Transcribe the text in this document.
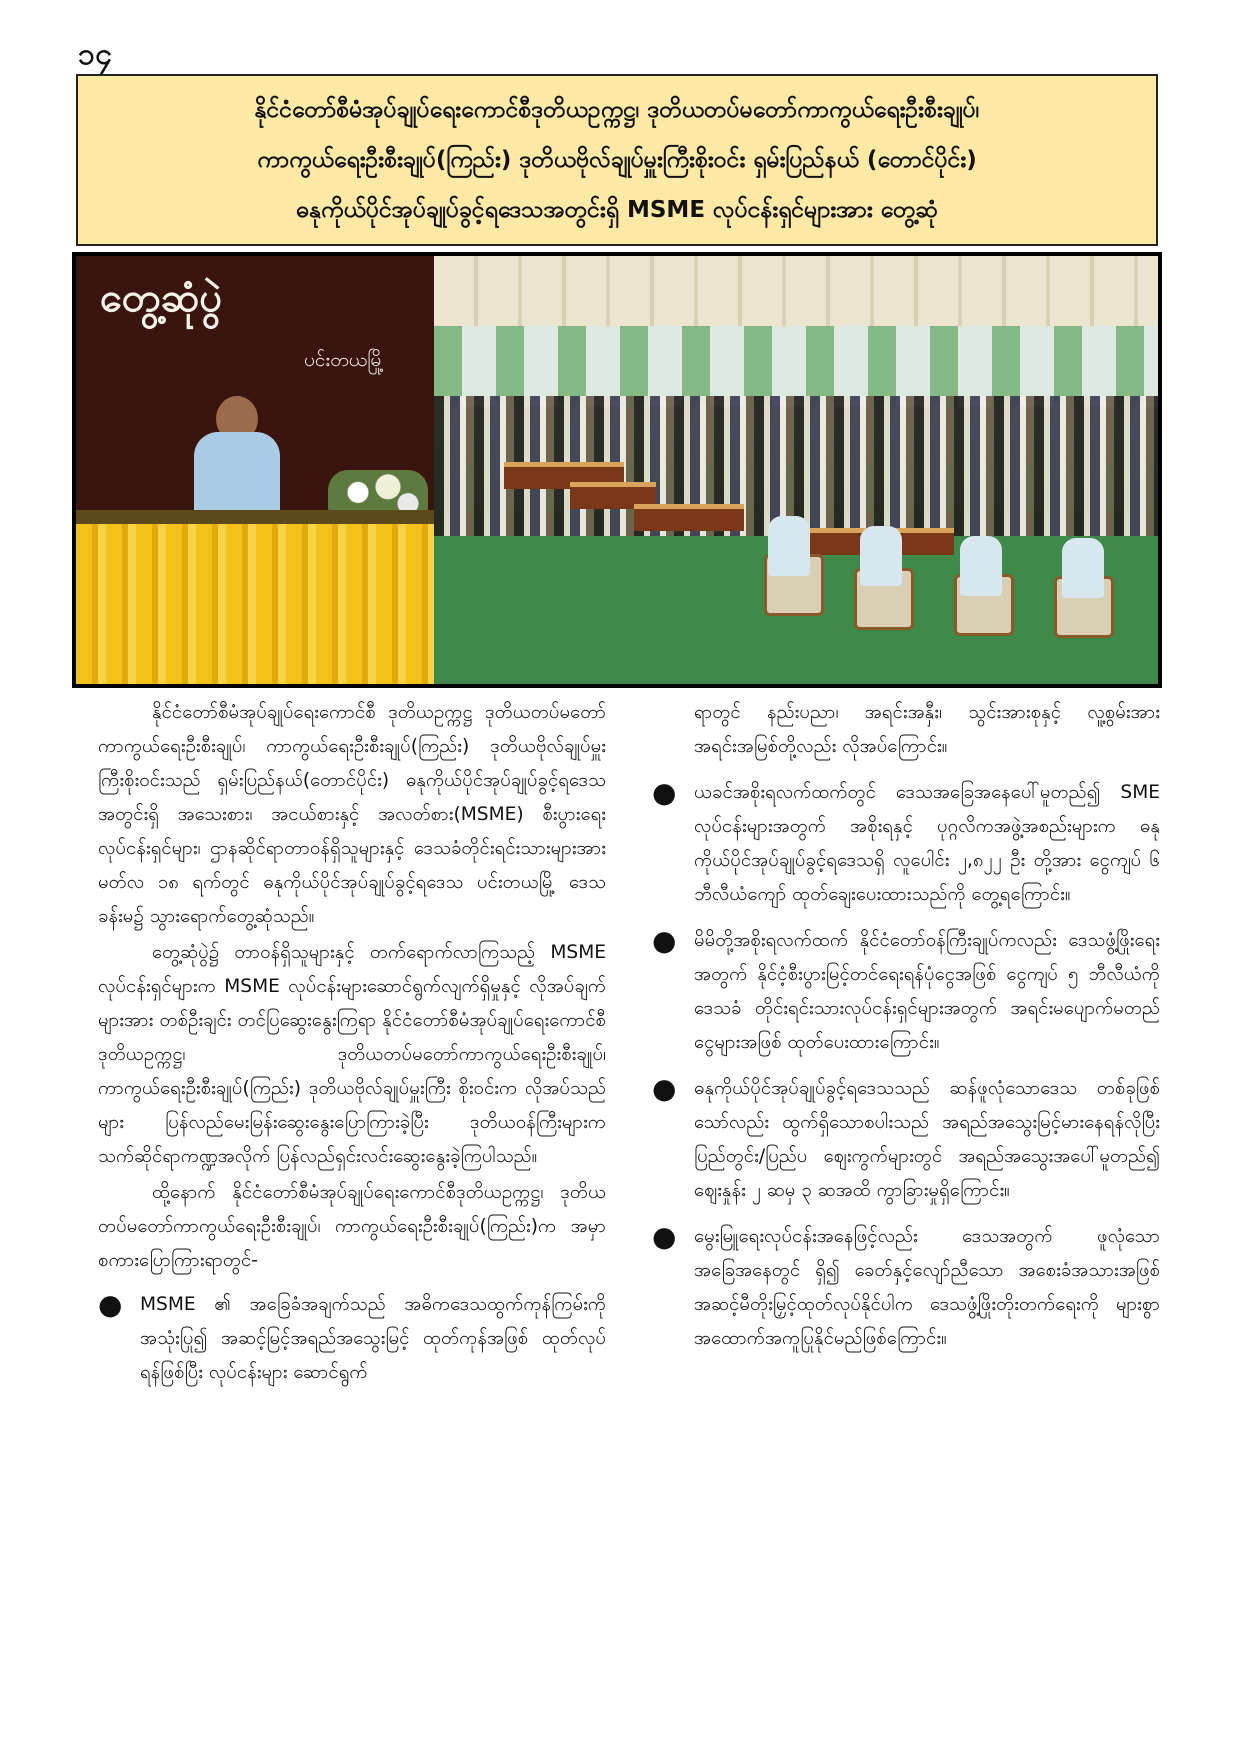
၁၄
နိုင်ငံတော်စီမံအုပ်ချုပ်ရေးကောင်စီဒုတိယဥက္ကဋ္ဌ၊ ဒုတိယတပ်မတော်ကာကွယ်ရေးဦးစီးချုပ်၊
ကာကွယ်ရေးဦးစီးချုပ်(ကြည်း) ဒုတိယဗိုလ်ချုပ်မှူးကြီးစိုးဝင်း ရှမ်းပြည်နယ် (တောင်ပိုင်း)
ဓနုကိုယ်ပိုင်အုပ်ချုပ်ခွင့်ရဒေသအတွင်းရှိ MSME လုပ်ငန်းရှင်များအား တွေ့ဆုံ
တွေ့ဆုံပွဲ
ပင်းတယမြို့

နိုင်ငံတော်စီမံအုပ်ချုပ်ရေးကောင်စီ ဒုတိယဥက္ကဋ္ဌ ဒုတိယတပ်မတော်ကာကွယ်ရေးဦးစီးချုပ်၊ ကာကွယ်ရေးဦးစီးချုပ်(ကြည်း) ဒုတိယဗိုလ်ချုပ်မှူးကြီးစိုးဝင်းသည် ရှမ်းပြည်နယ်(တောင်ပိုင်း) ဓနုကိုယ်ပိုင်အုပ်ချုပ်ခွင့်ရဒေသအတွင်းရှိ အသေးစား၊ အငယ်စားနှင့် အလတ်စား(MSME) စီးပွားရေးလုပ်ငန်းရှင်များ၊ ဌာနဆိုင်ရာတာဝန်ရှိသူများနှင့် ဒေသခံတိုင်းရင်းသားများအား မတ်လ ၁၈ ရက်တွင် ဓနုကိုယ်ပိုင်အုပ်ချုပ်ခွင့်ရဒေသ ပင်းတယမြို့ ဒေသခန်းမ၌ သွားရောက်တွေ့ဆုံသည်။

တွေ့ဆုံပွဲ၌ တာဝန်ရှိသူများနှင့် တက်ရောက်လာကြသည့် MSME လုပ်ငန်းရှင်များက MSME လုပ်ငန်းများဆောင်ရွက်လျက်ရှိမှုနှင့် လိုအပ်ချက်များအား တစ်ဦးချင်း တင်ပြဆွေးနွေးကြရာ နိုင်ငံတော်စီမံအုပ်ချုပ်ရေးကောင်စီဒုတိယဥက္ကဋ္ဌ၊ ဒုတိယတပ်မတော်ကာကွယ်ရေးဦးစီးချုပ်၊ ကာကွယ်ရေးဦးစီးချုပ်(ကြည်း) ဒုတိယဗိုလ်ချုပ်မှူးကြီး စိုးဝင်းက လိုအပ်သည်များ ပြန်လည်မေးမြန်းဆွေးနွေးပြောကြားခဲ့ပြီး ဒုတိယဝန်ကြီးများက သက်ဆိုင်ရာကဏ္ဍအလိုက် ပြန်လည်ရှင်းလင်းဆွေးနွေးခဲ့ကြပါသည်။

ထို့နောက် နိုင်ငံတော်စီမံအုပ်ချုပ်ရေးကောင်စီဒုတိယဥက္ကဋ္ဌ၊ ဒုတိယတပ်မတော်ကာကွယ်ရေးဦးစီးချုပ်၊ ကာကွယ်ရေးဦးစီးချုပ်(ကြည်း)က အမှာစကားပြောကြားရာတွင်-

● MSME ၏ အခြေခံအချက်သည် အဓိကဒေသထွက်ကုန်ကြမ်းကို အသုံးပြု၍ အဆင့်မြင့်အရည်အသွေးမြင့် ထုတ်ကုန်အဖြစ် ထုတ်လုပ်ရန်ဖြစ်ပြီး လုပ်ငန်းများ ဆောင်ရွက်

ရာတွင် နည်းပညာ၊ အရင်းအနှီး၊ သွင်းအားစုနှင့် လူ့စွမ်းအားအရင်းအမြစ်တို့လည်း လိုအပ်ကြောင်း။

● ယခင်အစိုးရလက်ထက်တွင် ဒေသအခြေအနေပေါ်မူတည်၍ SME လုပ်ငန်းများအတွက် အစိုးရနှင့် ပုဂ္ဂလိကအဖွဲ့အစည်းများက ဓနုကိုယ်ပိုင်အုပ်ချုပ်ခွင့်ရဒေသရှိ လူပေါင်း ၂,၈၂၂ ဦး တို့အား ငွေကျပ် ၆ ဘီလီယံကျော် ထုတ်ချေးပေးထားသည်ကို တွေ့ရကြောင်း။
● မိမိတို့အစိုးရလက်ထက် နိုင်ငံတော်ဝန်ကြီးချုပ်ကလည်း ဒေသဖွံ့ဖြိုးရေးအတွက် နိုင်ငံ့စီးပွားမြင့်တင်ရေးရန်ပုံငွေအဖြစ် ငွေကျပ် ၅ ဘီလီယံကို ဒေသခံ တိုင်းရင်းသားလုပ်ငန်းရှင်များအတွက် အရင်းမပျောက်မတည်ငွေများအဖြစ် ထုတ်ပေးထားကြောင်း။
● ဓနုကိုယ်ပိုင်အုပ်ချုပ်ခွင့်ရဒေသသည် ဆန်ဖူလုံသောဒေသ တစ်ခုဖြစ်သော်လည်း ထွက်ရှိသောစပါးသည် အရည်အသွေးမြင့်မားနေရန်လိုပြီး ပြည်တွင်း/ပြည်ပ ဈေးကွက်များတွင် အရည်အသွေးအပေါ်မူတည်၍ ဈေးနှုန်း ၂ ဆမှ ၃ ဆအထိ ကွာခြားမှုရှိကြောင်း။
● မွေးမြူရေးလုပ်ငန်းအနေဖြင့်လည်း ဒေသအတွက် ဖူလုံသောအခြေအနေတွင် ရှိ၍ ခေတ်နှင့်လျော်ညီသော အစေးခံအသားအဖြစ် အဆင့်မီတိုးမြှင့်ထုတ်လုပ်နိုင်ပါက ဒေသဖွံ့ဖြိုးတိုးတက်ရေးကို များစွာအထောက်အကူပြုနိုင်မည်ဖြစ်ကြောင်း။
